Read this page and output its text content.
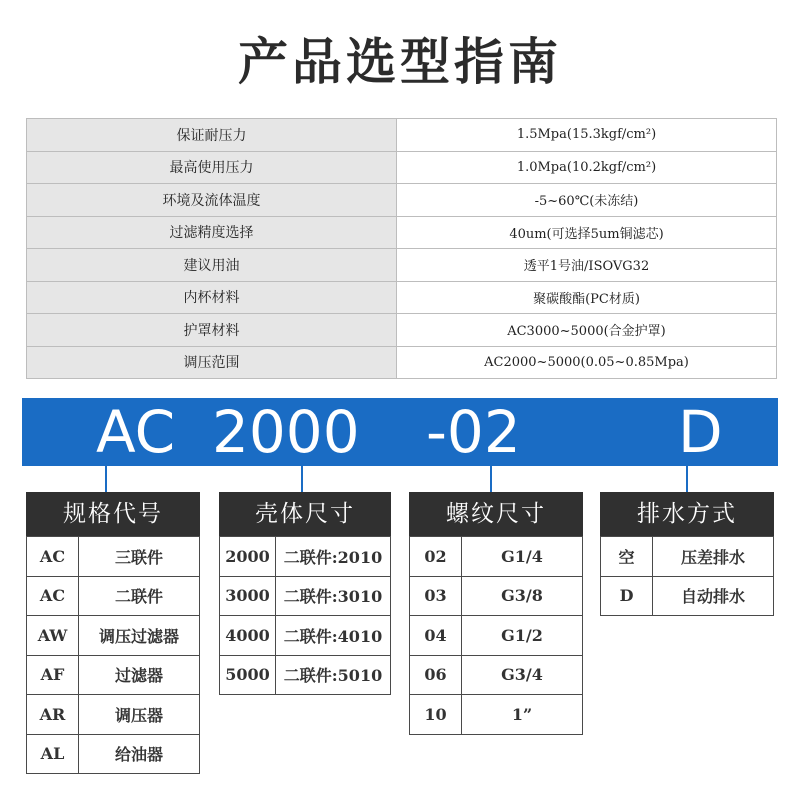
产品选型指南
保证耐压力	1.5Mpa(15.3kgf/cm²)
最高使用压力	1.0Mpa(10.2kgf/cm²)
环境及流体温度	-5~60℃(未冻结)
过滤精度选择	40um(可选择5um铜滤芯)
建议用油	透平1号油/ISOVG32
内杯材料	聚碳酸酯(PC材质)
护罩材料	AC3000~5000(合金护罩)
调压范围	AC2000~5000(0.05~0.85Mpa)
AC 2000 -02	D
规格代号
AC	三联件
AC	二联件
AW	调压过滤器
AF	过滤器
AR	调压器
AL	给油器
壳体尺寸
2000	二联件:2010
3000	二联件:3010
4000	二联件:4010
5000	二联件:5010
螺纹尺寸
02	G1/4
03	G3/8
04	G1/2
06	G3/4
10	1”
排水方式
空	压差排水
D	自动排水
